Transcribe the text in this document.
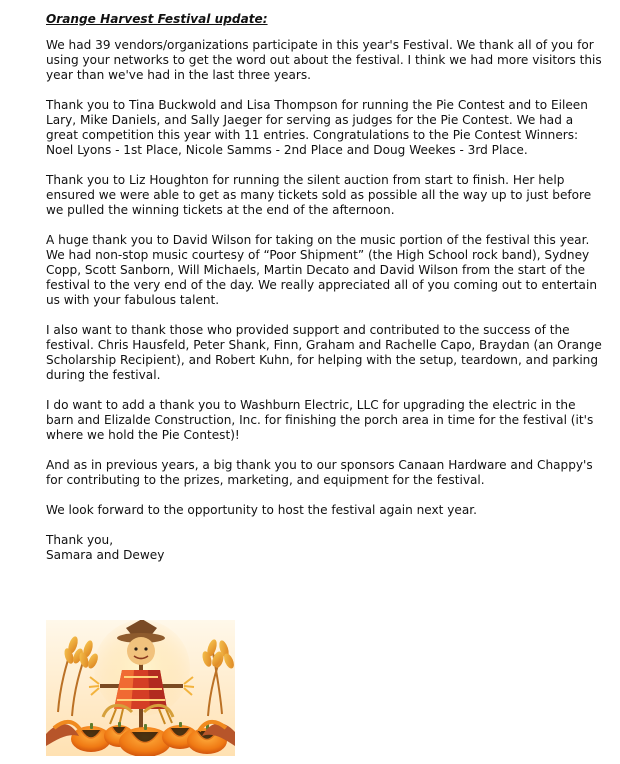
Orange Harvest Festival update:

We had 39 vendors/organizations participate in this year's Festival. We thank all of you for using your networks to get the word out about the festival. I think we had more visitors this year than we've had in the last three years.

Thank you to Tina Buckwold and Lisa Thompson for running the Pie Contest and to Eileen Lary, Mike Daniels, and Sally Jaeger for serving as judges for the Pie Contest. We had a great competition this year with 11 entries. Congratulations to the Pie Contest Winners: Noel Lyons - 1st Place, Nicole Samms - 2nd Place and Doug Weekes - 3rd Place.

Thank you to Liz Houghton for running the silent auction from start to finish. Her help ensured we were able to get as many tickets sold as possible all the way up to just before we pulled the winning tickets at the end of the afternoon.

A huge thank you to David Wilson for taking on the music portion of the festival this year. We had non-stop music courtesy of “Poor Shipment” (the High School rock band), Sydney Copp, Scott Sanborn, Will Michaels, Martin Decato and David Wilson from the start of the festival to the very end of the day. We really appreciated all of you coming out to entertain us with your fabulous talent.

I also want to thank those who provided support and contributed to the success of the festival. Chris Hausfeld, Peter Shank, Finn, Graham and Rachelle Capo, Braydan (an Orange Scholarship Recipient), and Robert Kuhn, for helping with the setup, teardown, and parking during the festival.

I do want to add a thank you to Washburn Electric, LLC for upgrading the electric in the barn and Elizalde Construction, Inc. for finishing the porch area in time for the festival (it's where we hold the Pie Contest)!

And as in previous years, a big thank you to our sponsors Canaan Hardware and Chappy's for contributing to the prizes, marketing, and equipment for the festival.

We look forward to the opportunity to host the festival again next year.

Thank you,

Samara and Dewey
